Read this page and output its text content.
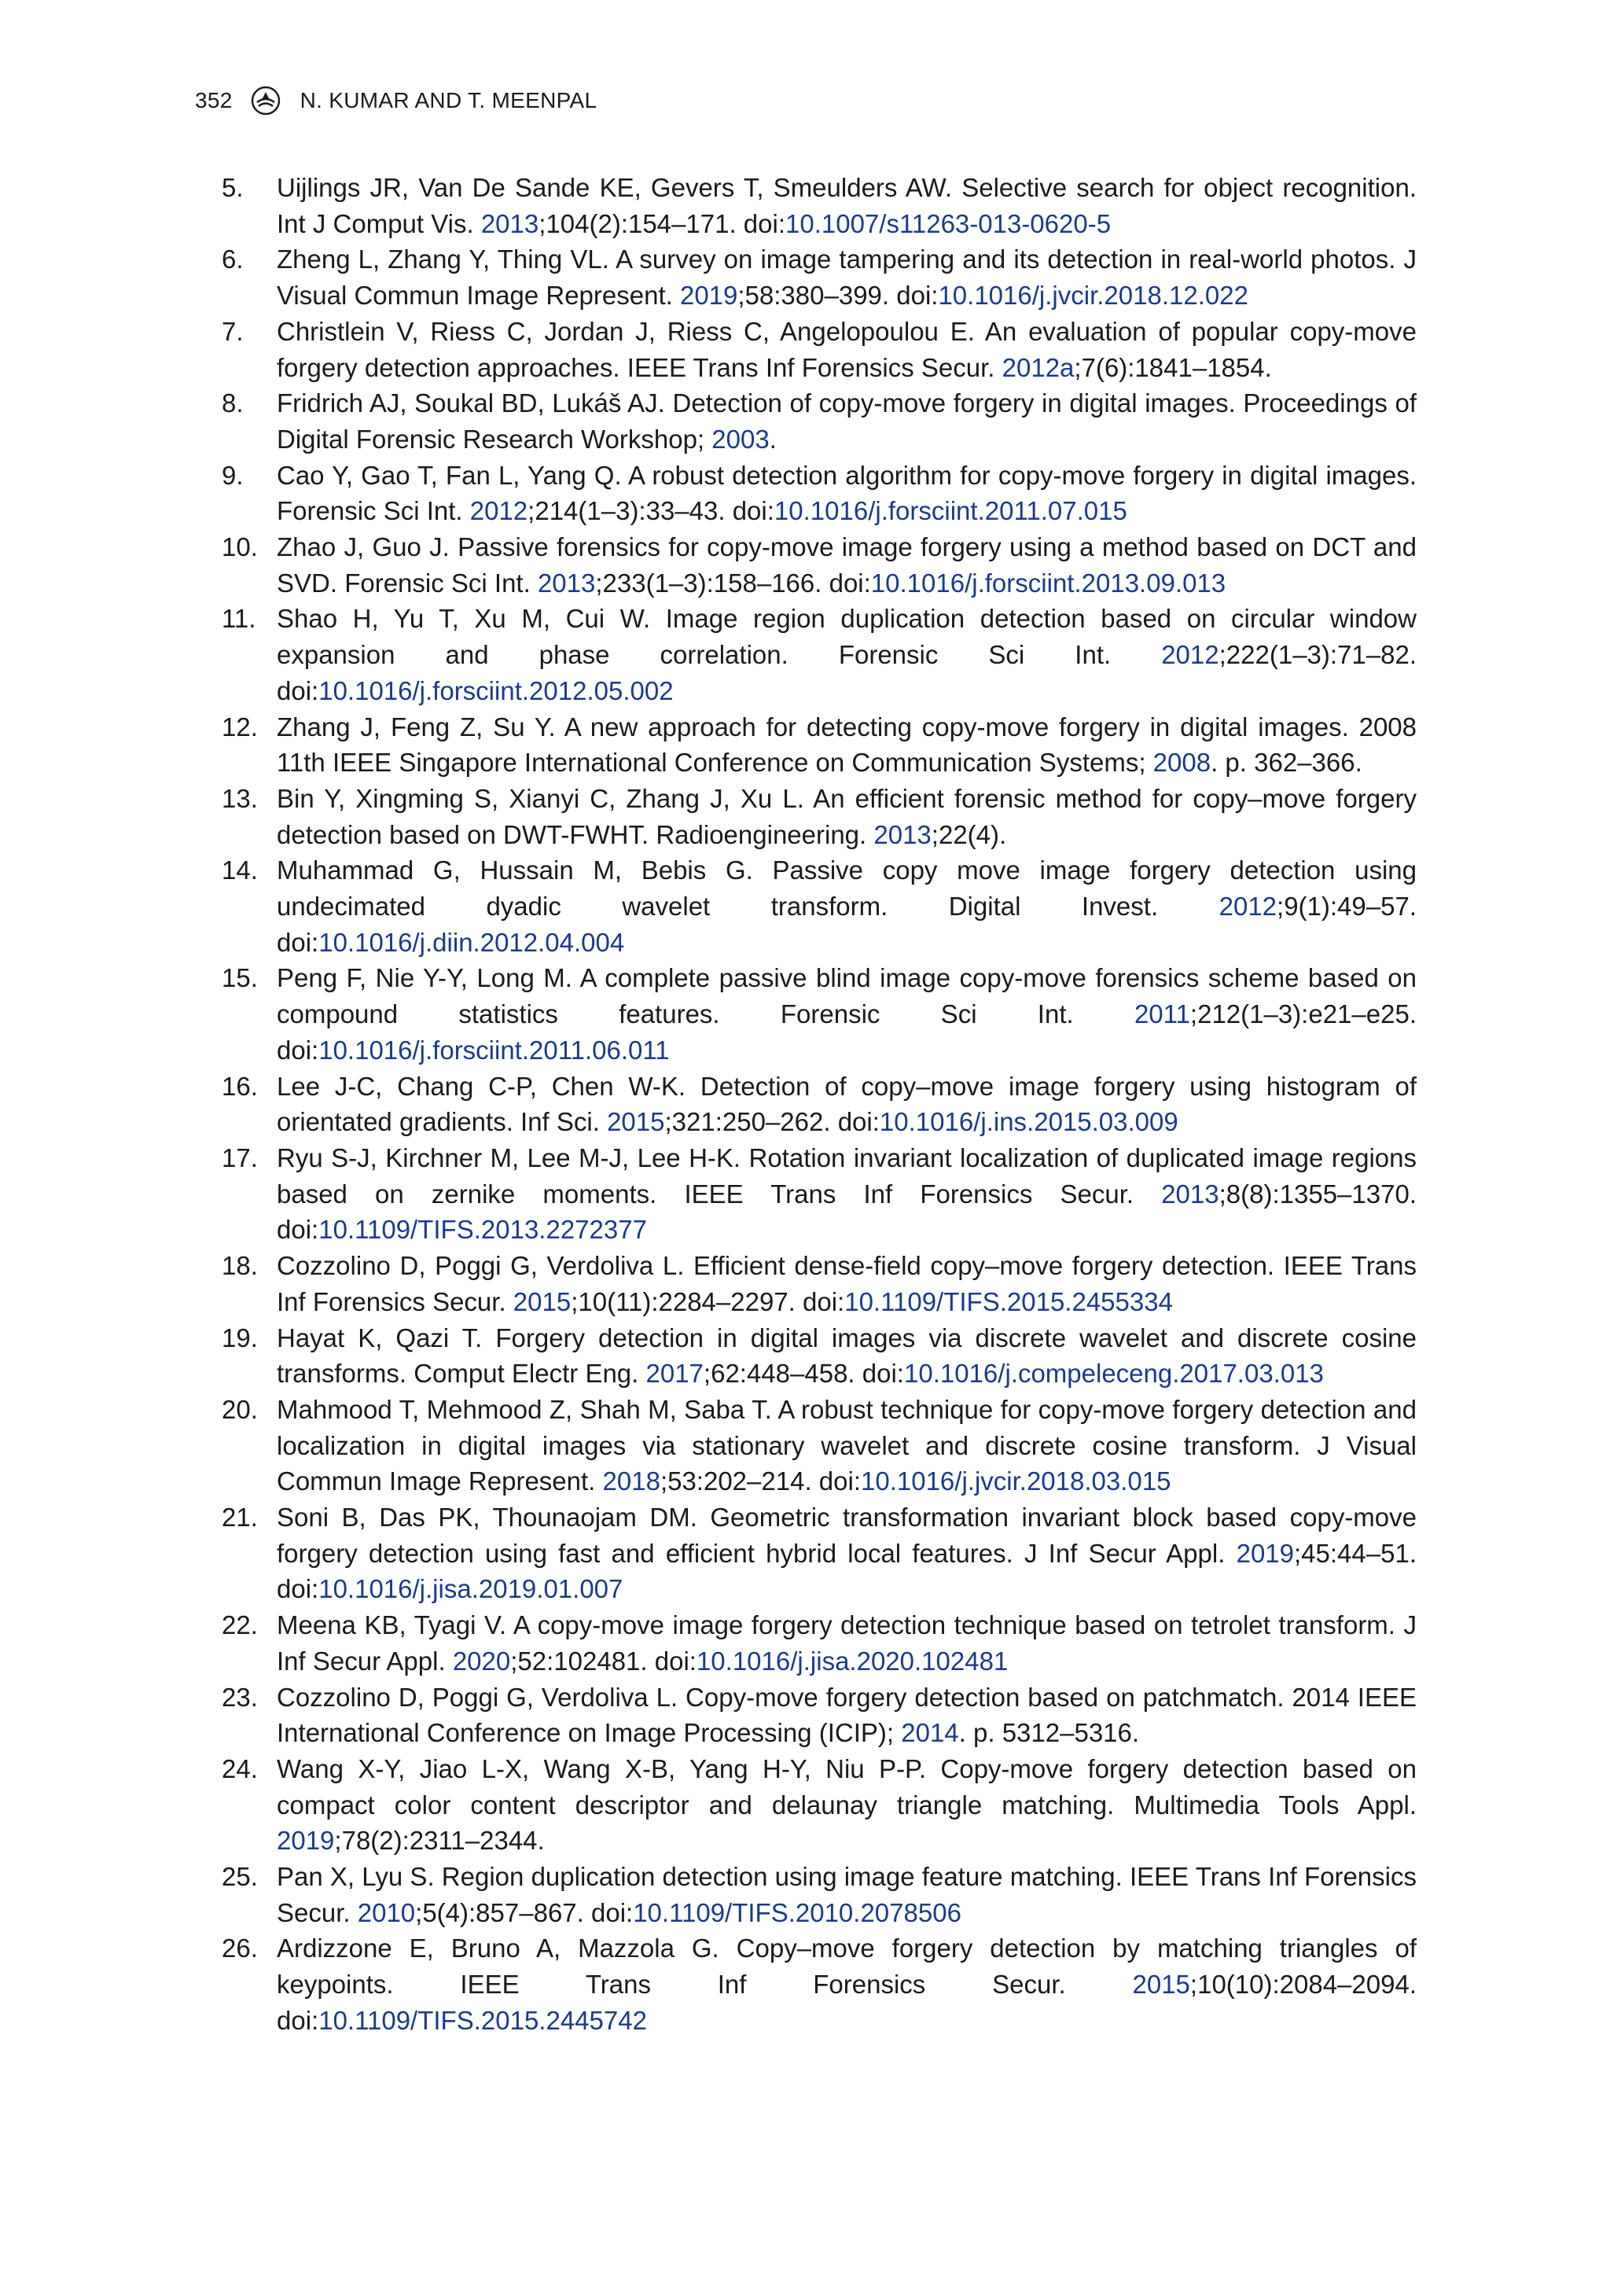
352	N. KUMAR AND T. MEENPAL
5.	Uijlings JR, Van De Sande KE, Gevers T, Smeulders AW. Selective search for object recognition. Int J Comput Vis. 2013;104(2):154–171. doi:10.1007/s11263-013-0620-5
6.	Zheng L, Zhang Y, Thing VL. A survey on image tampering and its detection in real-world photos. J Visual Commun Image Represent. 2019;58:380–399. doi:10.1016/j.jvcir.2018.12.022
7.	Christlein V, Riess C, Jordan J, Riess C, Angelopoulou E. An evaluation of popular copy-move forgery detection approaches. IEEE Trans Inf Forensics Secur. 2012a;7(6):1841–1854.
8.	Fridrich AJ, Soukal BD, Lukáš AJ. Detection of copy-move forgery in digital images. Proceedings of Digital Forensic Research Workshop; 2003.
9.	Cao Y, Gao T, Fan L, Yang Q. A robust detection algorithm for copy-move forgery in digital images. Forensic Sci Int. 2012;214(1–3):33–43. doi:10.1016/j.forsciint.2011.07.015
10. Zhao J, Guo J. Passive forensics for copy-move image forgery using a method based on DCT and SVD. Forensic Sci Int. 2013;233(1–3):158–166. doi:10.1016/j.forsciint.2013.09.013
11. Shao H, Yu T, Xu M, Cui W. Image region duplication detection based on circular window expansion and phase correlation. Forensic Sci Int. 2012;222(1–3):71–82. doi:10.1016/j.forsciint.2012.05.002
12. Zhang J, Feng Z, Su Y. A new approach for detecting copy-move forgery in digital images. 2008 11th IEEE Singapore International Conference on Communication Systems; 2008. p. 362–366.
13. Bin Y, Xingming S, Xianyi C, Zhang J, Xu L. An efficient forensic method for copy–move forgery detection based on DWT-FWHT. Radioengineering. 2013;22(4).
14. Muhammad G, Hussain M, Bebis G. Passive copy move image forgery detection using undecimated dyadic wavelet transform. Digital Invest. 2012;9(1):49–57. doi:10.1016/j.diin.2012.04.004
15. Peng F, Nie Y-Y, Long M. A complete passive blind image copy-move forensics scheme based on compound statistics features. Forensic Sci Int. 2011;212(1–3):e21–e25. doi:10.1016/j.forsciint.2011.06.011
16. Lee J-C, Chang C-P, Chen W-K. Detection of copy–move image forgery using histogram of orientated gradients. Inf Sci. 2015;321:250–262. doi:10.1016/j.ins.2015.03.009
17. Ryu S-J, Kirchner M, Lee M-J, Lee H-K. Rotation invariant localization of duplicated image regions based on zernike moments. IEEE Trans Inf Forensics Secur. 2013;8(8):1355–1370. doi:10.1109/TIFS.2013.2272377
18. Cozzolino D, Poggi G, Verdoliva L. Efficient dense-field copy–move forgery detection. IEEE Trans Inf Forensics Secur. 2015;10(11):2284–2297. doi:10.1109/TIFS.2015.2455334
19. Hayat K, Qazi T. Forgery detection in digital images via discrete wavelet and discrete cosine transforms. Comput Electr Eng. 2017;62:448–458. doi:10.1016/j.compeleceng.2017.03.013
20. Mahmood T, Mehmood Z, Shah M, Saba T. A robust technique for copy-move forgery detection and localization in digital images via stationary wavelet and discrete cosine transform. J Visual Commun Image Represent. 2018;53:202–214. doi:10.1016/j.jvcir.2018.03.015
21. Soni B, Das PK, Thounaojam DM. Geometric transformation invariant block based copy-move forgery detection using fast and efficient hybrid local features. J Inf Secur Appl. 2019;45:44–51. doi:10.1016/j.jisa.2019.01.007
22. Meena KB, Tyagi V. A copy-move image forgery detection technique based on tetrolet transform. J Inf Secur Appl. 2020;52:102481. doi:10.1016/j.jisa.2020.102481
23. Cozzolino D, Poggi G, Verdoliva L. Copy-move forgery detection based on patchmatch. 2014 IEEE International Conference on Image Processing (ICIP); 2014. p. 5312–5316.
24. Wang X-Y, Jiao L-X, Wang X-B, Yang H-Y, Niu P-P. Copy-move forgery detection based on compact color content descriptor and delaunay triangle matching. Multimedia Tools Appl. 2019;78(2):2311–2344.
25. Pan X, Lyu S. Region duplication detection using image feature matching. IEEE Trans Inf Forensics Secur. 2010;5(4):857–867. doi:10.1109/TIFS.2010.2078506
26. Ardizzone E, Bruno A, Mazzola G. Copy–move forgery detection by matching triangles of keypoints. IEEE Trans Inf Forensics Secur. 2015;10(10):2084–2094. doi:10.1109/TIFS.2015.2445742
